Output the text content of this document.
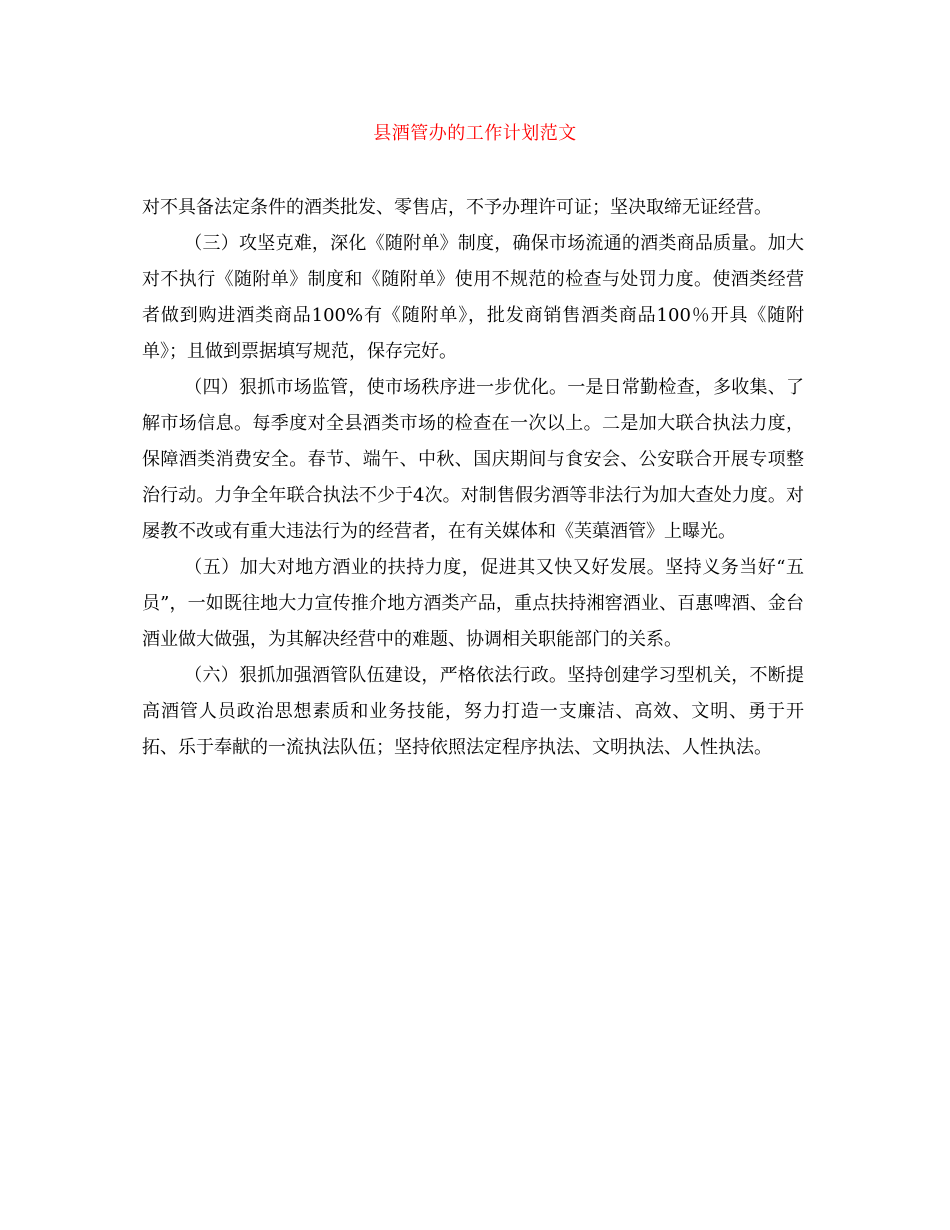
县酒管办的工作计划范文

对不具备法定条件的酒类批发、零售店，不予办理许可证；坚决取缔无证经营。

（三）攻坚克难，深化《随附单》制度，确保市场流通的酒类商品质量。加大对不执行《随附单》制度和《随附单》使用不规范的检查与处罚力度。使酒类经营者做到购进酒类商品100%有《随附单》，批发商销售酒类商品100％开具《随附单》；且做到票据填写规范，保存完好。

（四）狠抓市场监管，使市场秩序进一步优化。一是日常勤检查，多收集、了解市场信息。每季度对全县酒类市场的检查在一次以上。二是加大联合执法力度，保障酒类消费安全。春节、端午、中秋、国庆期间与食安会、公安联合开展专项整治行动。力争全年联合执法不少于4次。对制售假劣酒等非法行为加大查处力度。对屡教不改或有重大违法行为的经营者，在有关媒体和《芙蕖酒管》上曝光。

（五）加大对地方酒业的扶持力度，促进其又快又好发展。坚持义务当好“五员”，一如既往地大力宣传推介地方酒类产品，重点扶持湘窖酒业、百惠啤酒、金台酒业做大做强，为其解决经营中的难题、协调相关职能部门的关系。

（六）狠抓加强酒管队伍建设，严格依法行政。坚持创建学习型机关，不断提高酒管人员政治思想素质和业务技能，努力打造一支廉洁、高效、文明、勇于开拓、乐于奉献的一流执法队伍；坚持依照法定程序执法、文明执法、人性执法。
